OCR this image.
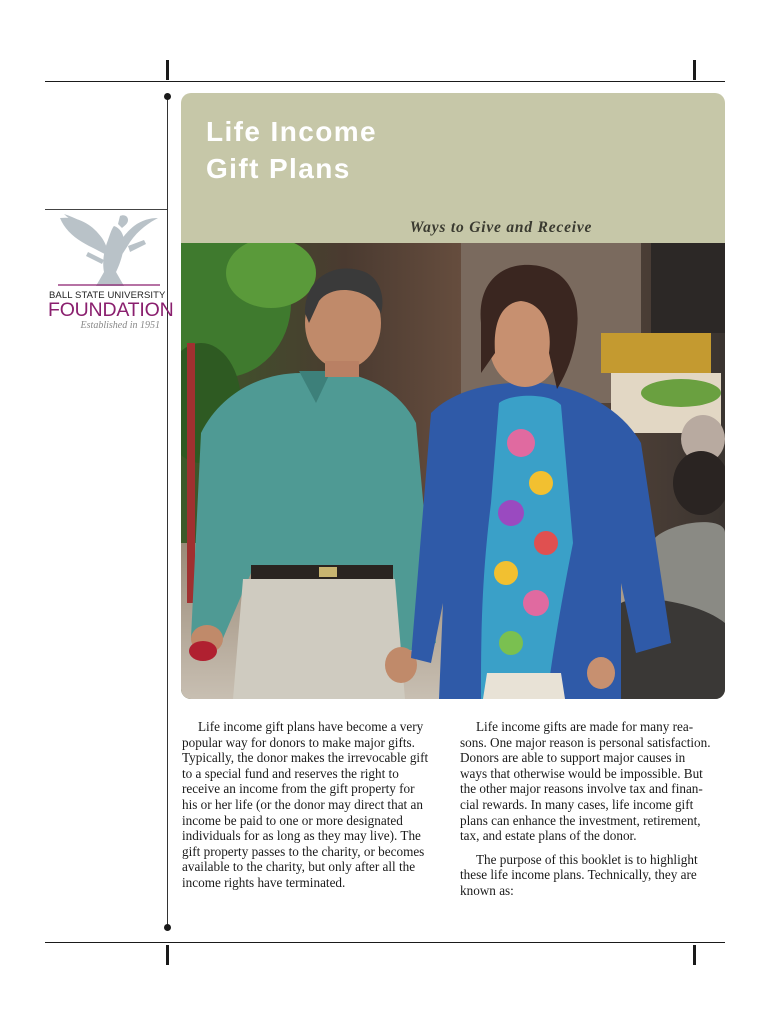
BALL STATE UNIVERSITY
FOUNDATION
Established in 1951
Life Income
Gift Plans

Ways to Give and Receive

Life income gift plans have become a very
popular way for donors to make major gifts.
Typically, the donor makes the irrevocable gift
to a special fund and reserves the right to
receive an income from the gift property for
his or her life (or the donor may direct that an
income be paid to one or more designated
individuals for as long as they may live). The
gift property passes to the charity, or becomes
available to the charity, but only after all the
income rights have terminated.

Life income gifts are made for many rea-
sons. One major reason is personal satisfaction.
Donors are able to support major causes in
ways that otherwise would be impossible. But
the other major reasons involve tax and finan-
cial rewards. In many cases, life income gift
plans can enhance the investment, retirement,
tax, and estate plans of the donor.

The purpose of this booklet is to highlight
these life income plans. Technically, they are
known as:
